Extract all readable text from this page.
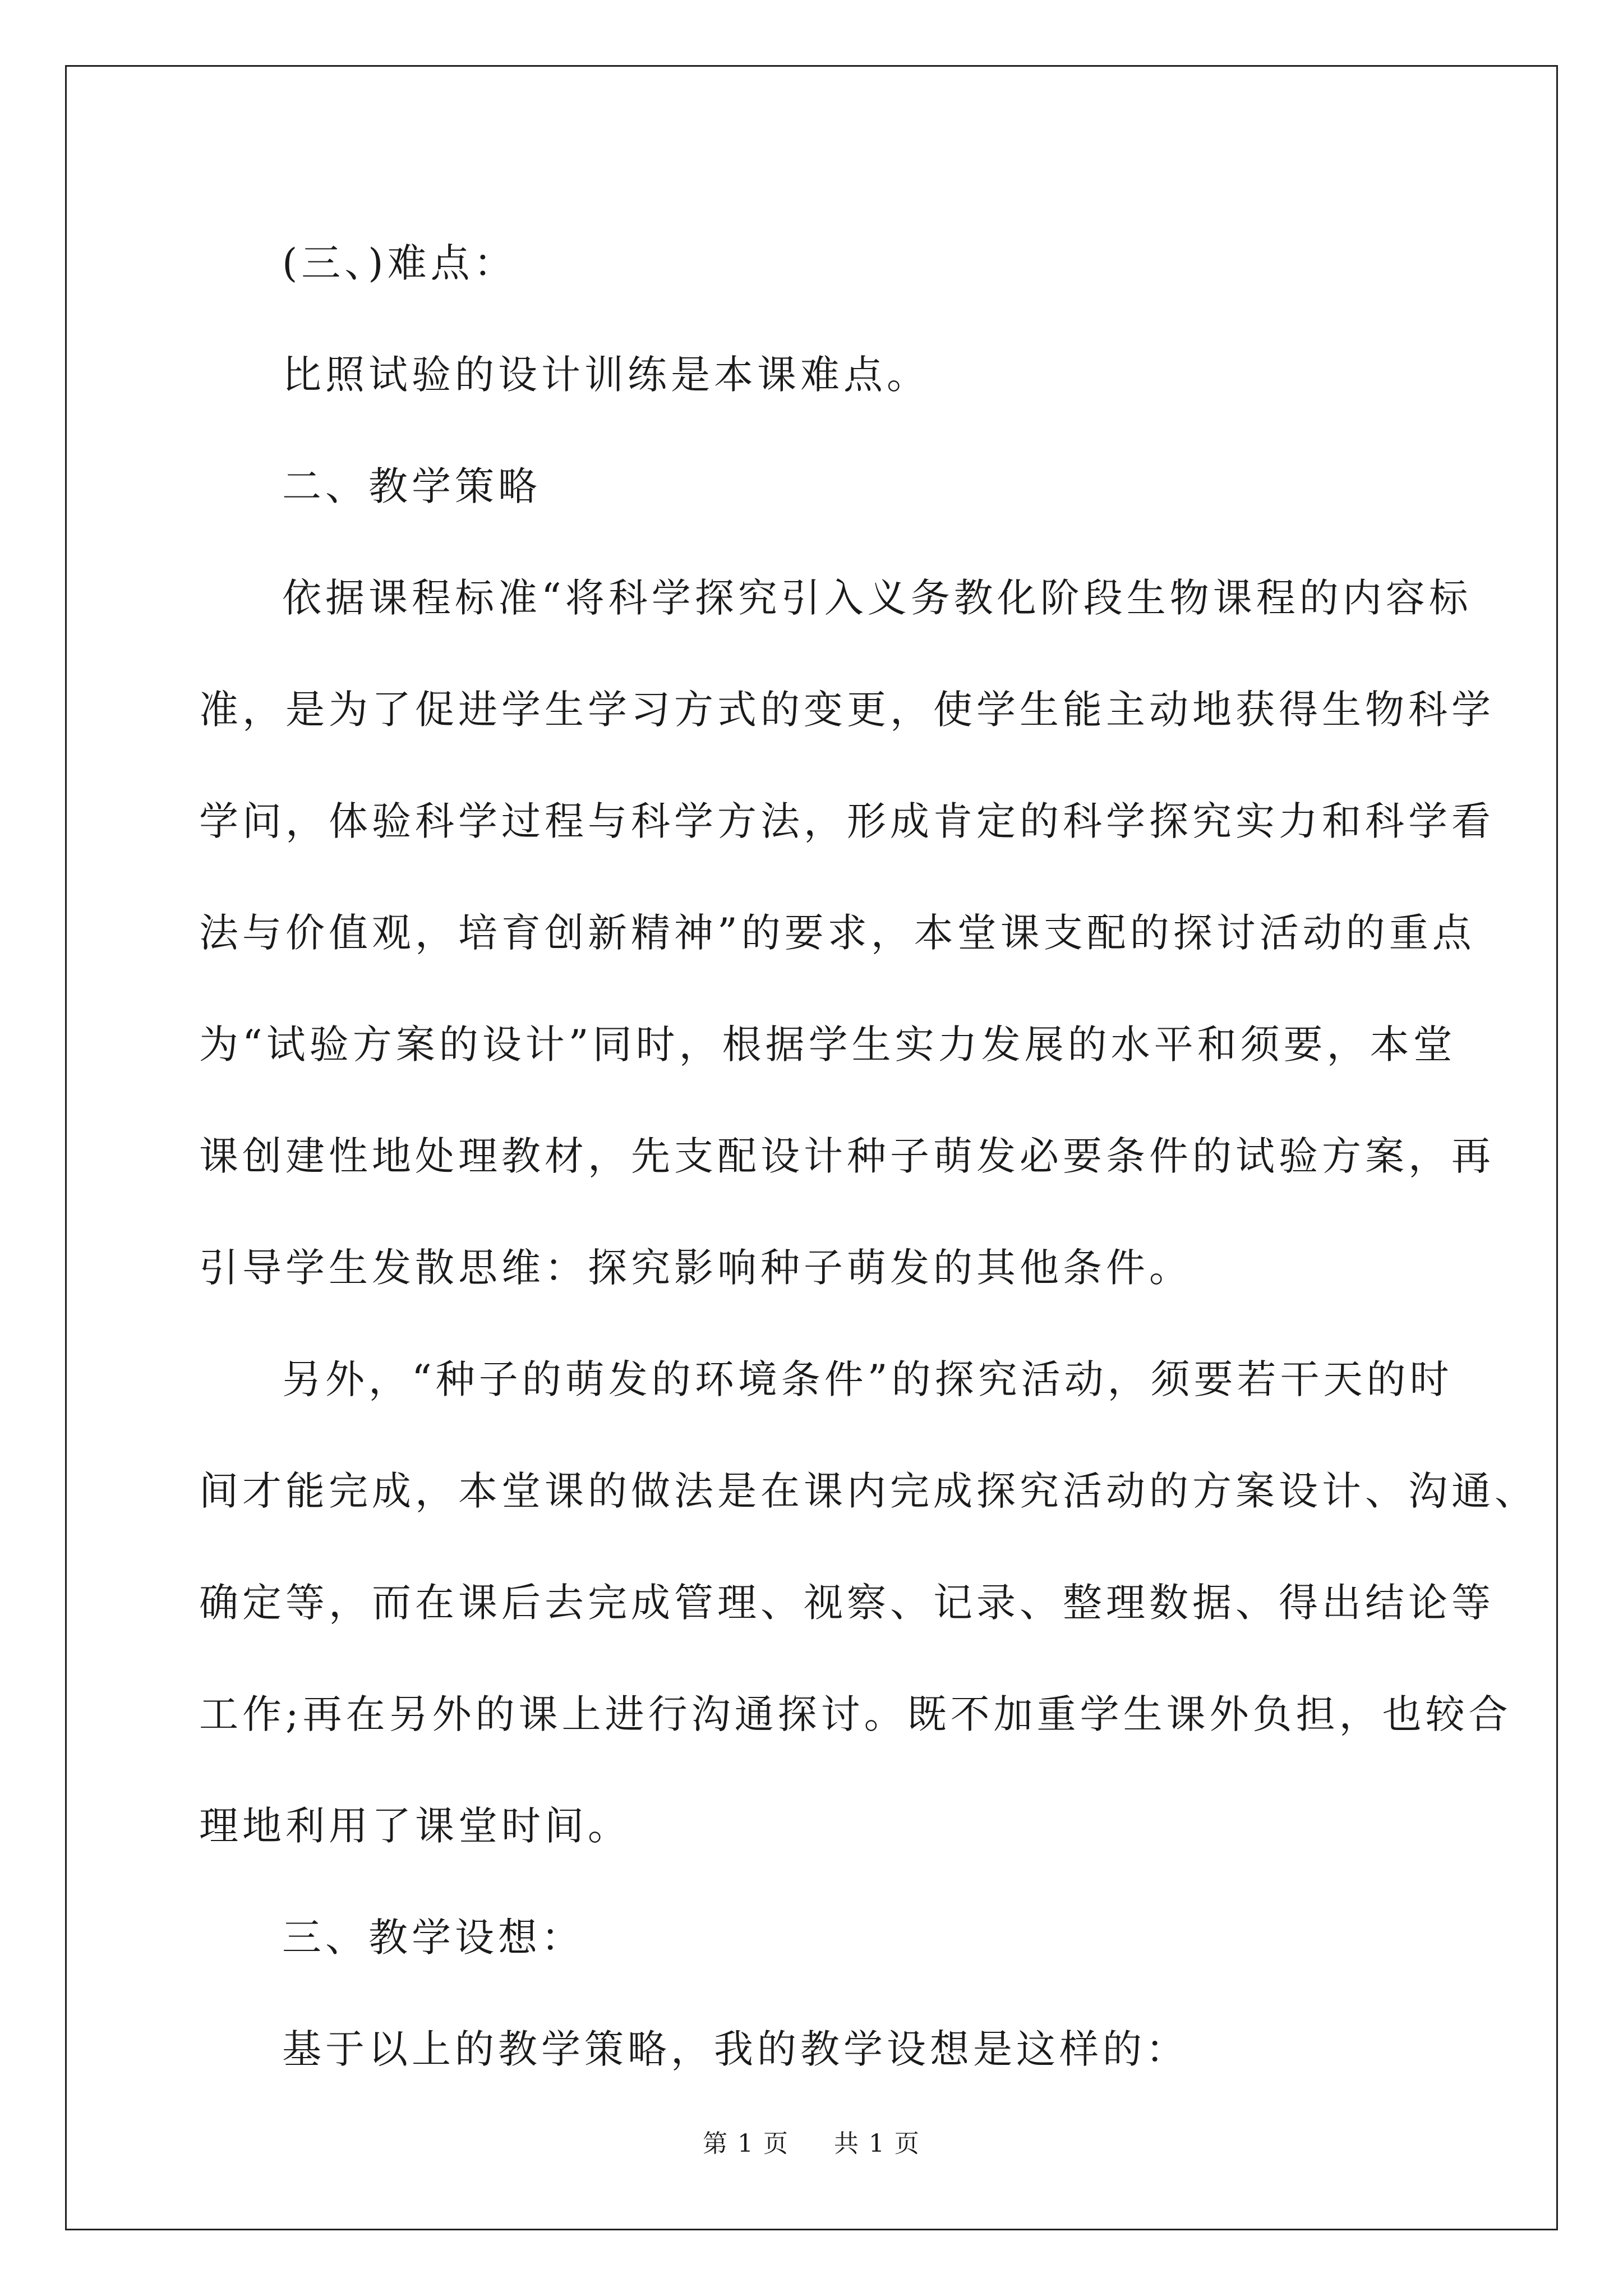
(三、)难点：

比照试验的设计训练是本课难点。

二、教学策略

依据课程标准“将科学探究引入义务教化阶段生物课程的内容标
准，是为了促进学生学习方式的变更，使学生能主动地获得生物科学
学问，体验科学过程与科学方法，形成肯定的科学探究实力和科学看
法与价值观，培育创新精神”的要求，本堂课支配的探讨活动的重点
为“试验方案的设计”同时，根据学生实力发展的水平和须要，本堂
课创建性地处理教材，先支配设计种子萌发必要条件的试验方案，再
引导学生发散思维：探究影响种子萌发的其他条件。

另外，“种子的萌发的环境条件”的探究活动，须要若干天的时
间才能完成，本堂课的做法是在课内完成探究活动的方案设计、沟通、
确定等，而在课后去完成管理、视察、记录、整理数据、得出结论等
工作;再在另外的课上进行沟通探讨。既不加重学生课外负担，也较合
理地利用了课堂时间。

三、教学设想：

基于以上的教学策略，我的教学设想是这样的：

第 1 页 共 1 页
